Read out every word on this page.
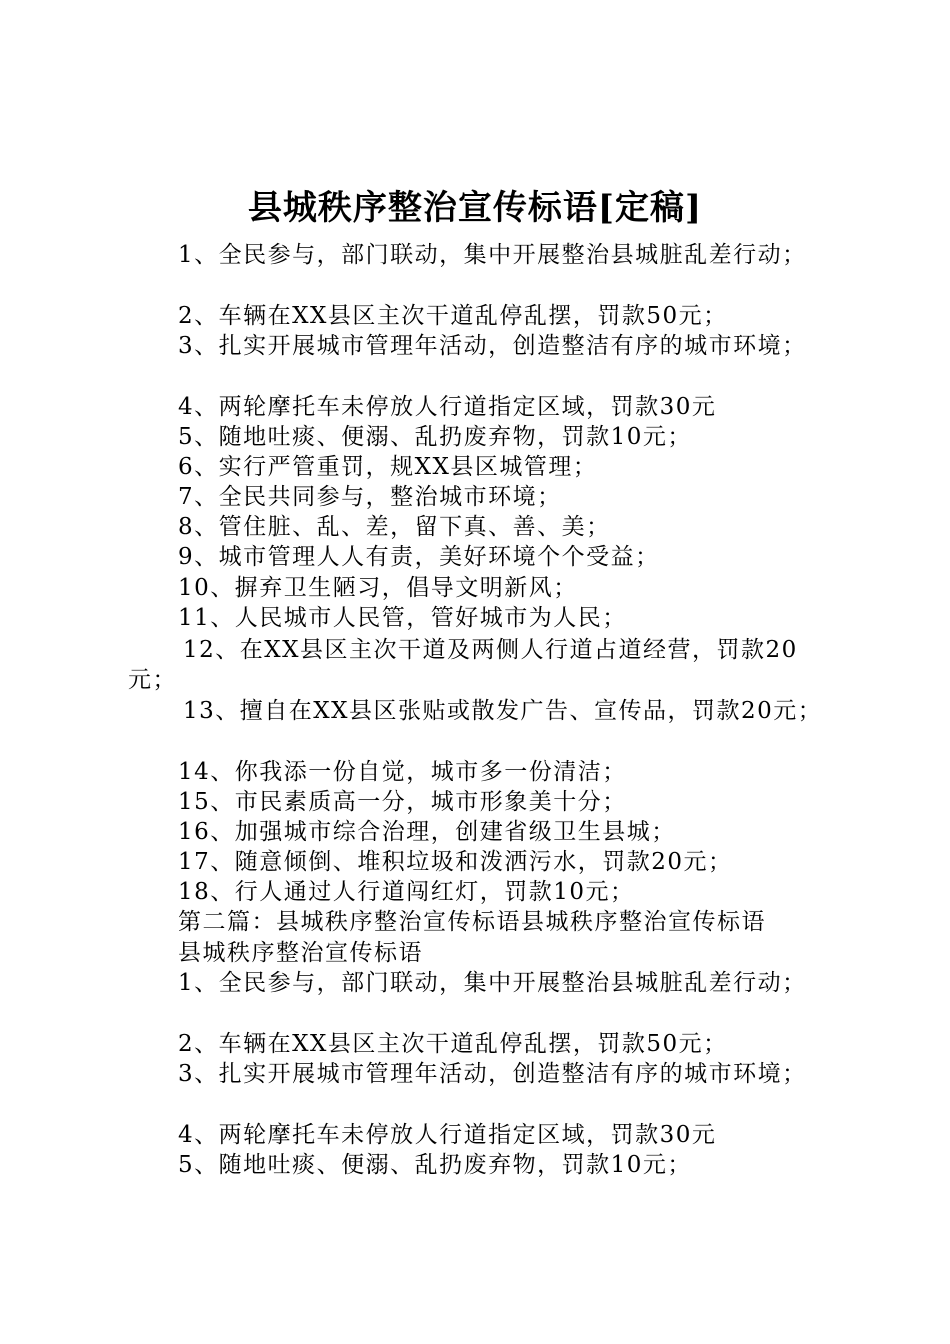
县城秩序整治宣传标语[定稿]
1、全民参与，部门联动，集中开展整治县城脏乱差行动；
2、车辆在XX县区主次干道乱停乱摆，罚款50元；
3、扎实开展城市管理年活动，创造整洁有序的城市环境；
4、两轮摩托车未停放人行道指定区域，罚款30元
5、随地吐痰、便溺、乱扔废弃物，罚款10元；
6、实行严管重罚，规XX县区城管理；
7、全民共同参与，整治城市环境；
8、管住脏、乱、差，留下真、善、美；
9、城市管理人人有责，美好环境个个受益；
10、摒弃卫生陋习，倡导文明新风；
11、人民城市人民管，管好城市为人民；
12、在XX县区主次干道及两侧人行道占道经营，罚款20
元；
13、擅自在XX县区张贴或散发广告、宣传品，罚款20元；
14、你我添一份自觉，城市多一份清洁；
15、市民素质高一分，城市形象美十分；
16、加强城市综合治理，创建省级卫生县城；
17、随意倾倒、堆积垃圾和泼洒污水，罚款20元；
18、行人通过人行道闯红灯，罚款10元；
第二篇：县城秩序整治宣传标语县城秩序整治宣传标语
县城秩序整治宣传标语
1、全民参与，部门联动，集中开展整治县城脏乱差行动；
2、车辆在XX县区主次干道乱停乱摆，罚款50元；
3、扎实开展城市管理年活动，创造整洁有序的城市环境；
4、两轮摩托车未停放人行道指定区域，罚款30元
5、随地吐痰、便溺、乱扔废弃物，罚款10元；
